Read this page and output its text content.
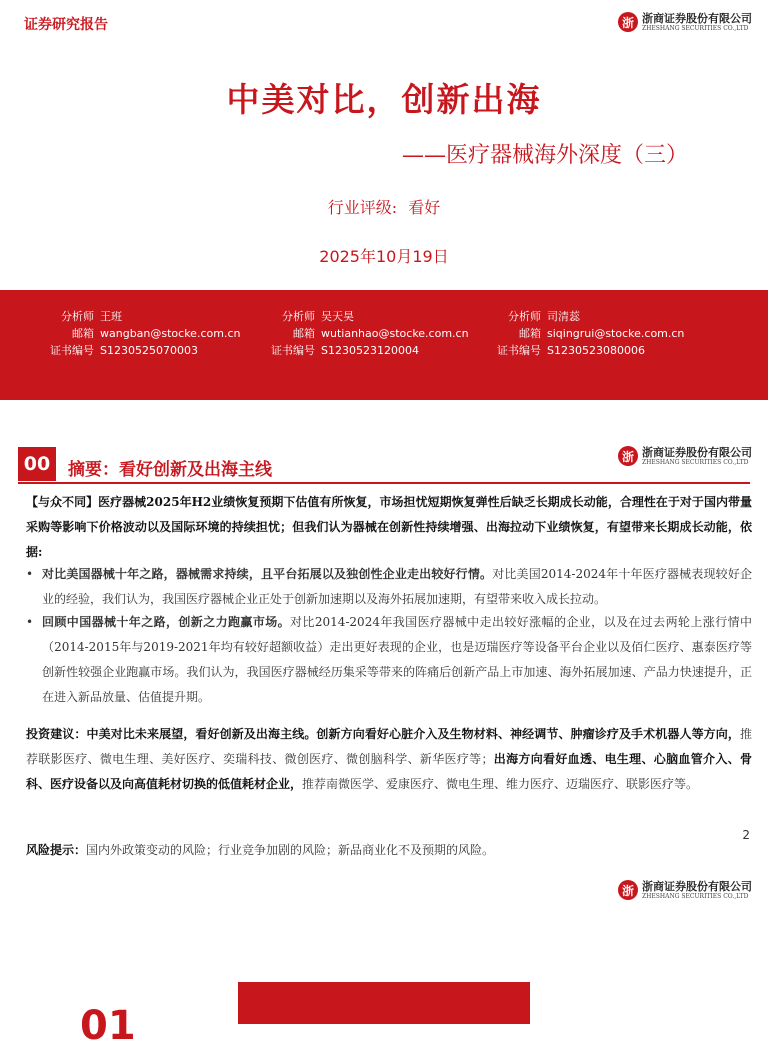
证券研究报告	浙 浙商证券股份有限公司
ZHESHANG SECURITIES CO.,LTD
中美对比，创新出海
——医疗器械海外深度（三）
行业评级: 看好
2025年10月19日
分析师 王班
邮箱 wangban@stocke.com.cn
证书编号 S1230525070003
分析师 吴天昊
邮箱 wutianhao@stocke.com.cn
证书编号 S1230523120004
分析师 司清蕊
邮箱 siqingrui@stocke.com.cn
证书编号 S1230523080006
00	摘要：看好创新及出海主线
浙 浙商证券股份有限公司
ZHESHANG SECURITIES CO.,LTD
【与众不同】医疗器械2025年H2业绩恢复预期下估值有所恢复，市场担忧短期恢复弹性后缺乏长期成长动能，合理性在于对于国内带量采购等影响下价格波动以及国际环境的持续担忧；但我们认为器械在创新性持续增强、出海拉动下业绩恢复，有望带来长期成长动能，依据:
• 对比美国器械十年之路，器械需求持续，且平台拓展以及独创性企业走出较好行情。对比美国2014-2024年十年医疗器械表现较好企业的经验，我们认为，我国医疗器械企业正处于创新加速期以及海外拓展加速期，有望带来收入成长拉动。
• 回顾中国器械十年之路，创新之力跑赢市场。对比2014-2024年我国医疗器械中走出较好涨幅的企业，以及在过去两轮上涨行情中（2014-2015年与2019-2021年均有较好超额收益）走出更好表现的企业，也是迈瑞医疗等设备平台企业以及佰仁医疗、惠泰医疗等创新性较强企业跑赢市场。我们认为，我国医疗器械经历集采等带来的阵痛后创新产品上市加速、海外拓展加速、产品力快速提升，正在进入新品放量、估值提升期。
投资建议：中美对比未来展望，看好创新及出海主线。创新方向看好心脏介入及生物材料、神经调节、肿瘤诊疗及手术机器人等方向，推荐联影医疗、微电生理、美好医疗、奕瑞科技、微创医疗、微创脑科学、新华医疗等；出海方向看好血透、电生理、心脑血管介入、骨科、医疗设备以及向高值耗材切换的低值耗材企业，推荐南微医学、爱康医疗、微电生理、维力医疗、迈瑞医疗、联影医疗等。
2
风险提示：国内外政策变动的风险；行业竞争加剧的风险；新品商业化不及预期的风险。
浙 浙商证券股份有限公司
ZHESHANG SECURITIES CO.,LTD
01
